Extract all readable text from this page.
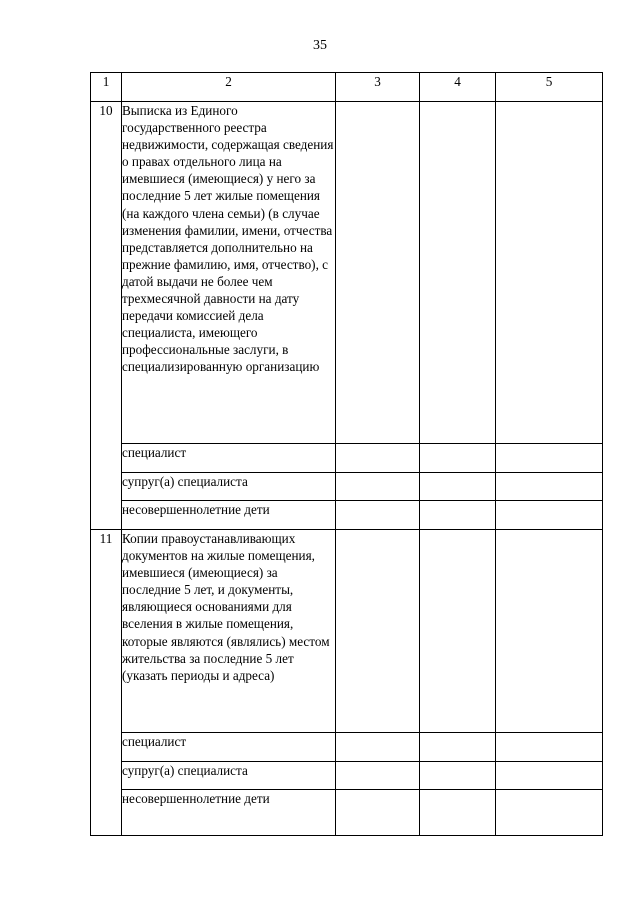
35
1	2	3	4	5
10	Выписка из Единого государственного реестра недвижимости, содержащая сведения о правах отдельного лица на имевшиеся (имеющиеся) у него за последние 5 лет жилые помещения (на каждого члена семьи) (в случае изменения фамилии, имени, отчества представляется дополнительно на прежние фамилию, имя, отчество), с датой выдачи не более чем трехмесячной давности на дату передачи комиссией дела специалиста, имеющего профессиональные заслуги, в специализированную организацию			
	специалист			
	супруг(а) специалиста			
	несовершеннолетние дети			
11	Копии правоустанавливающих документов на жилые помещения, имевшиеся (имеющиеся) за последние 5 лет, и документы, являющиеся основаниями для вселения в жилые помещения, которые являются (являлись) местом жительства за последние 5 лет (указать периоды и адреса)			
	специалист			
	супруг(а) специалиста			
	несовершеннолетние дети			
